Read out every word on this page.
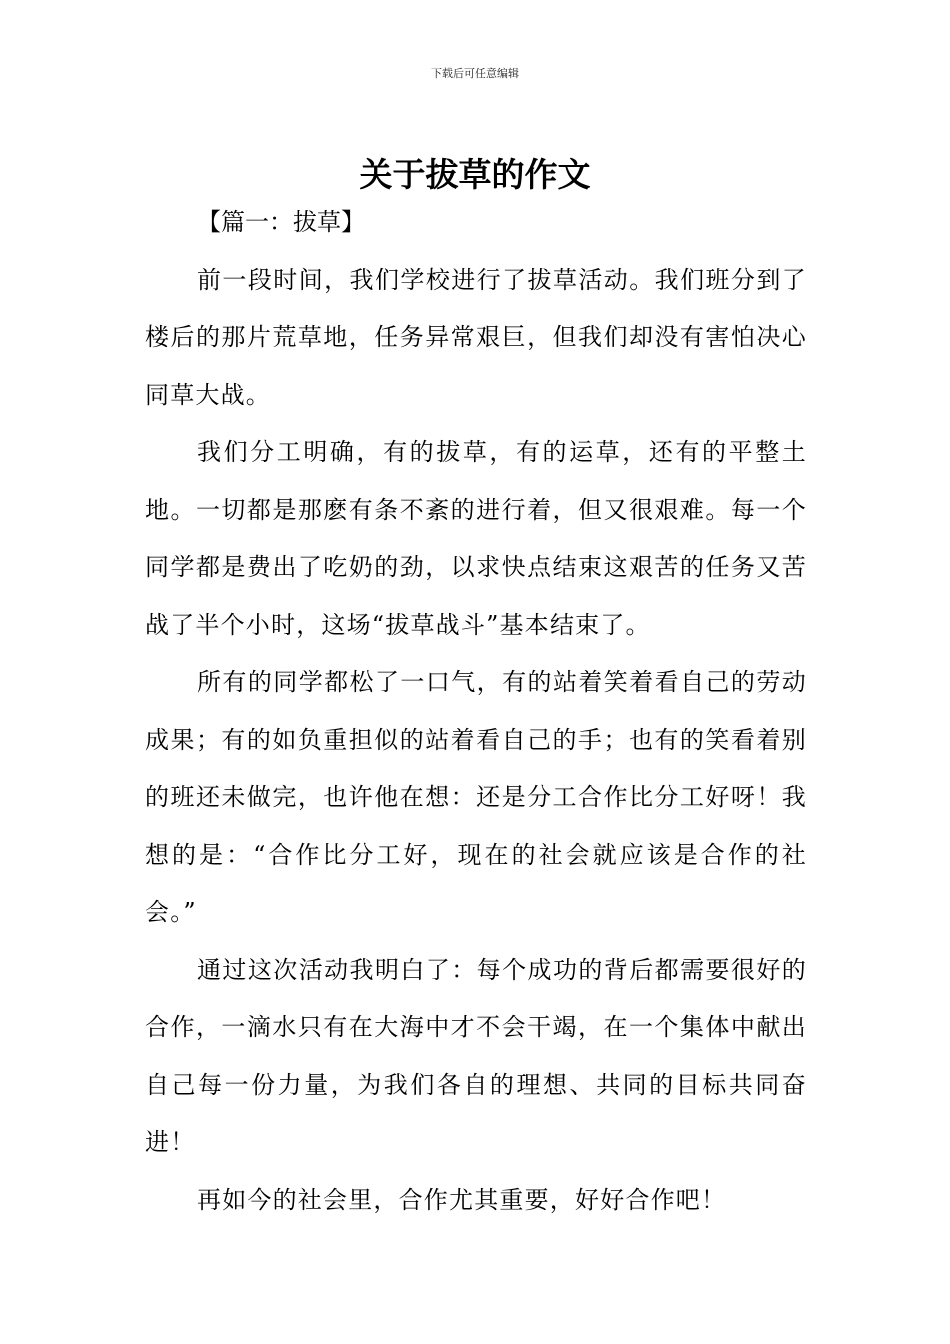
下载后可任意编辑
关于拔草的作文

【篇一：拔草】

前一段时间，我们学校进行了拔草活动。我们班分到了楼后的那片荒草地，任务异常艰巨，但我们却没有害怕决心同草大战。

我们分工明确，有的拔草，有的运草，还有的平整土地。一切都是那麽有条不紊的进行着，但又很艰难。每一个同学都是费出了吃奶的劲，以求快点结束这艰苦的任务又苦战了半个小时，这场“拔草战斗”基本结束了。

所有的同学都松了一口气，有的站着笑着看自己的劳动成果；有的如负重担似的站着看自己的手；也有的笑看着别的班还未做完，也许他在想：还是分工合作比分工好呀！我想的是：“合作比分工好，现在的社会就应该是合作的社会。”

通过这次活动我明白了：每个成功的背后都需要很好的合作，一滴水只有在大海中才不会干竭，在一个集体中献出自己每一份力量，为我们各自的理想、共同的目标共同奋进！

再如今的社会里，合作尤其重要，好好合作吧！
